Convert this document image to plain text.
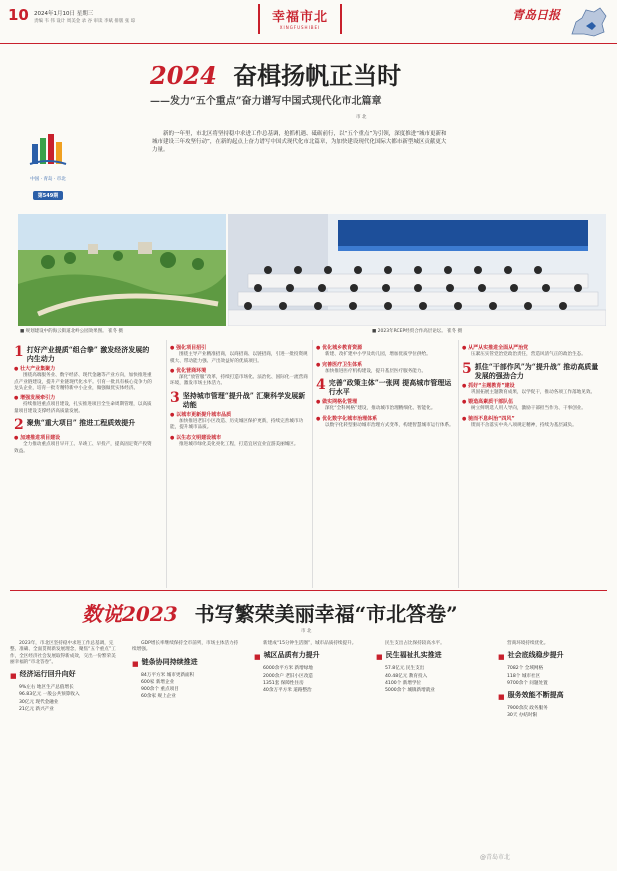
10 2024年1月10日 星期三
责编 韦 伟 设计 周美金 录 谷 审读 李斌 排版 张 琼	幸福市北
XINGFUSHIBEI
青岛日报
2024 奋楫扬帆正当时
——发力“五个重点”奋力谱写中国式现代化市北篇章
市 北
中国 · 青岛 · 市北
第549期
新的一年里，市北区将坚持稳中求进工作总基调，抢抓机遇、砥砺前行，以“五个重点”为引领，深度推进“城市更新和城市建设三年攻坚行动”，在新的起点上奋力谱写中国式现代化市北篇章，为加快建设现代化国际大都市新型城区贡献更大力量。
■ 规划建设中的海云街道北岭公园效果图。 崔冬 摄	■ 2023年RCEP经贸合作高层论坛。 崔冬 摄
1 打好产业提质“组合拳” 激发经济发展的内生动力
● 壮大产业集聚力
围绕高端服务业、数字经济、现代金融等产业方向，加快推进重点产业链建设，提升产业链现代化水平。引育一批具有核心竞争力的龙头企业，培育一批专精特新中小企业，做强做优实体经济。
● 增强发展牵引力
持续推进重点项目建设，扎实推进项目全生命周期管理，以高质量项目建设支撑经济高质量发展。
2 聚焦“重大项目” 推进工程质效提升
● 加速推进项目建设
全力推动重点项目早开工、早竣工、早投产，提高固定资产投资效益。
● 强化项目招引
围绕主导产业精准招商，以商招商、以链招商，引进一批投资规模大、带动能力强、产出效益好的优质项目。
● 优化营商环境
深化“放管服”改革，持续打造市场化、法治化、国际化一流营商环境，激发市场主体活力。
3 坚持城市管理“提升战” 汇聚科学发展新动能
● 以城市更新提升城市品质
加快推进老旧小区改造、历史城区保护更新，持续完善城市功能，提升城市品质。
● 以生态文明建设城市
推进城市绿化美化亮化工程，打造宜居宜业宜游美丽城区。
● 优化城乡教育资源
新建、改扩建中小学及幼儿园，增加优质学位供给。
● 完善医疗卫生体系
加快推进医疗机构建设，提升基层医疗服务能力。
4 完善“政策主体”一张网 提高城市管理运行水平
● 做实网格化管理
深化“全科网格”建设，推动城市治理精细化、智能化。
● 优化数字化城市治理体系
以数字化转型驱动城市治理方式变革，构建智慧城市运行体系。
● 从严从实推进全面从严治党
压紧压实管党治党政治责任，营造风清气正的政治生态。
5 抓住“干部作风”为“提升战” 推动高质量发展的强劲合力
● 抓好“主题教育”建设
巩固拓展主题教育成果，以学促干，推动各项工作落地见效。
● 锻造高素质干部队伍
树立鲜明选人用人导向，激励干部担当作为、干事创业。
● 驰而不息纠治“四风”
锲而不舍落实中央八项规定精神，持续为基层减负。
数说2023 书写繁荣美丽幸福“市北答卷”
市 北
2023年，市北区坚持稳中求进工作总基调，完整、准确、全面贯彻新发展理念，聚焦“五个重点”工作，全区经济社会发展取得新成效，交出一份繁荣美丽幸福的“市北答卷”。
■ 经济运行回升向好
9%左右 地区生产总值增长
96.83亿元 一般公共预算收入
30亿元 现代金融业
21亿元 新兴产业
GDP增长率继续保持全市前列，市场主体活力持续增强。
■ 链条协同持续推进
84万平方米 城市更新面积
600家 新增企业
900余个 重点项目
60余家 规上企业
新建成“15分钟生活圈”，城市品质持续提升。
■ 城区品质有力提升
6000余平方米 新增绿地
2000余户 老旧小区改造
1351套 保障性住房
40余万平方米 道路整治
民生支出占比保持较高水平。
■ 民生福祉扎实推进
57.8亿元 民生支出
40.48亿元 教育投入
4100个 新增学位
5000余个 城镇新增就业
营商环境持续优化。
■ 社会底线稳步提升
7082个 全域网格
118个 城市社区
9700余个 问题处置
■ 服务效能不断提高
7900余次 政务服务
30天 办结时限
@青岛市北
